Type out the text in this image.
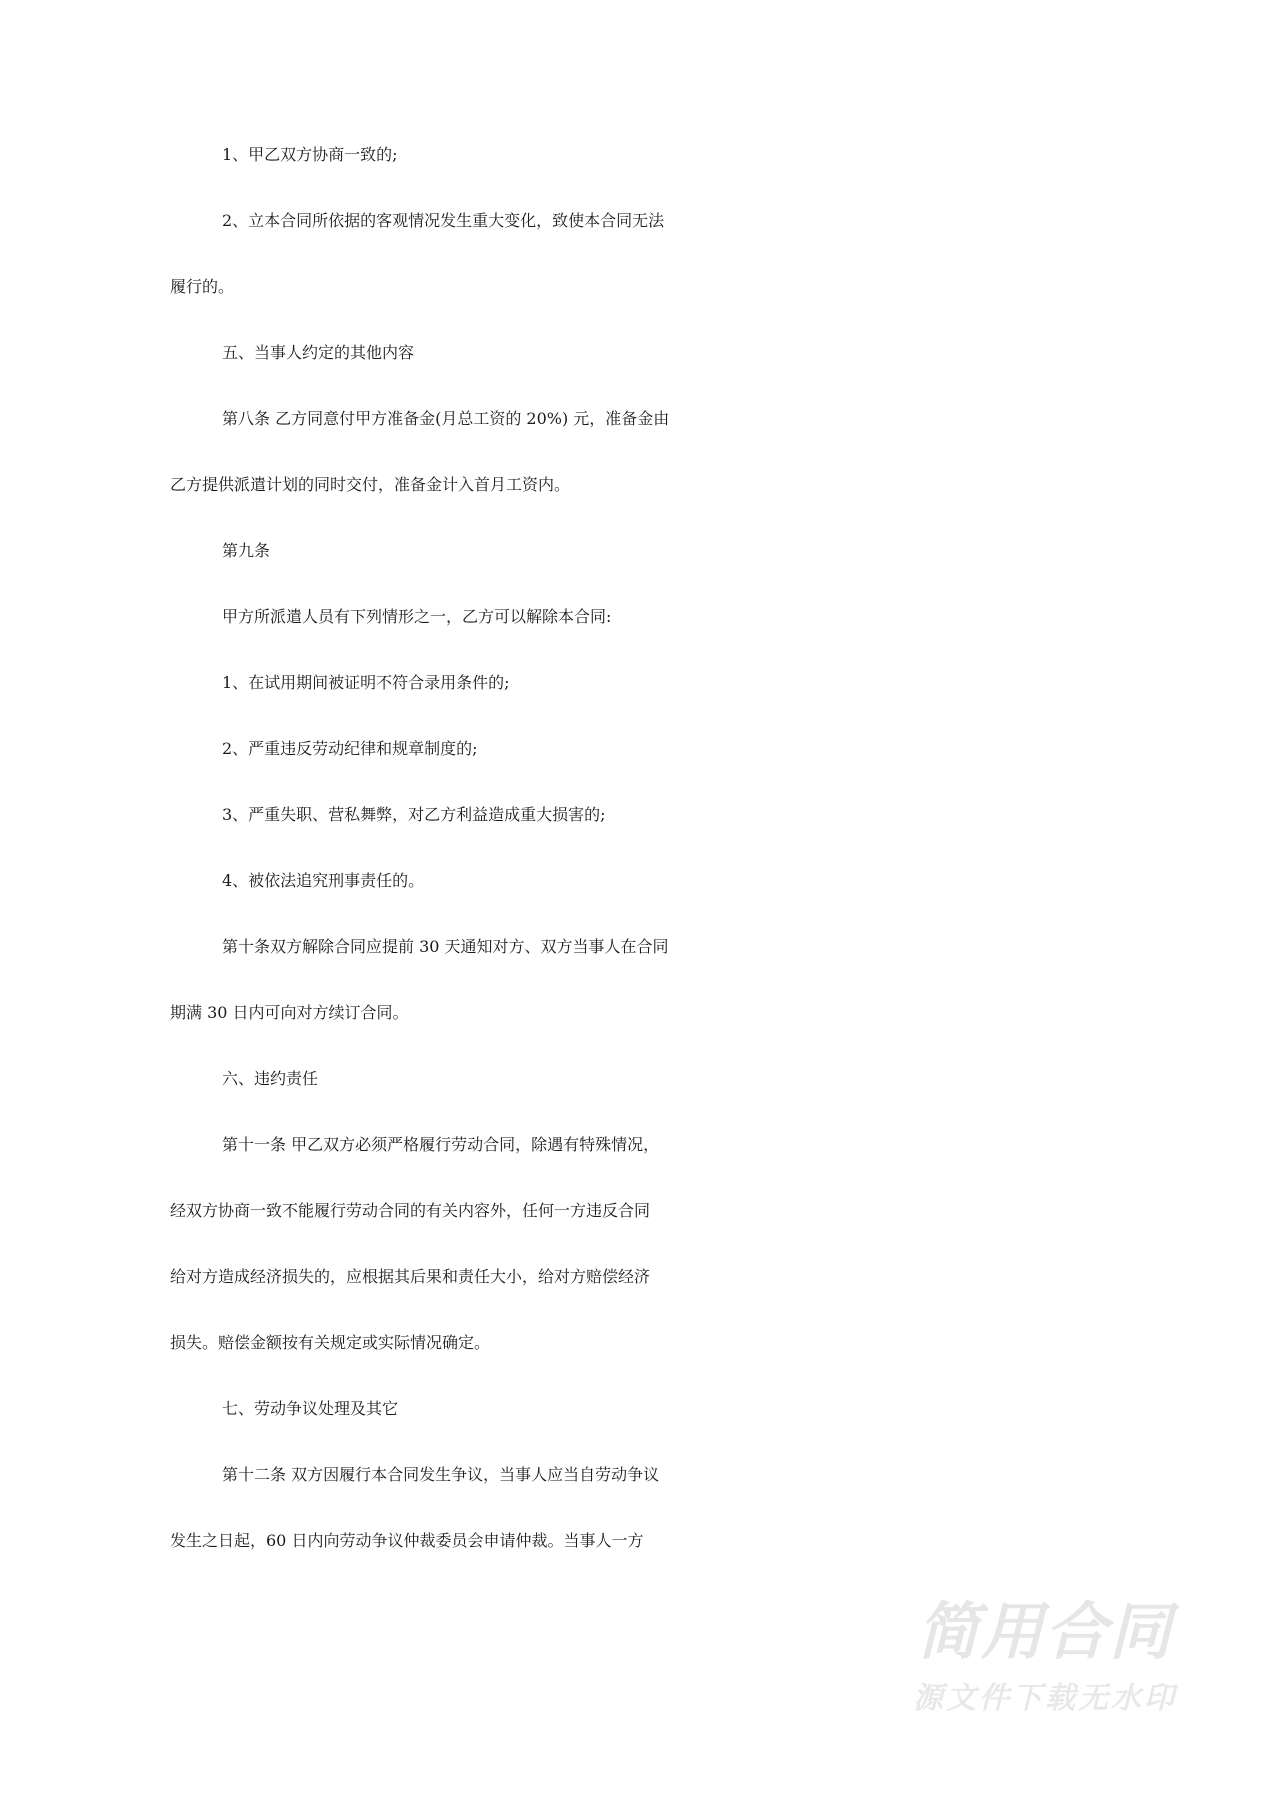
1、甲乙双方协商一致的;
2、立本合同所依据的客观情况发生重大变化，致使本合同无法
履行的。
五、当事人约定的其他内容
第八条 乙方同意付甲方准备金(月总工资的 20%) 元，准备金由
乙方提供派遣计划的同时交付，准备金计入首月工资内。
第九条
甲方所派遣人员有下列情形之一，乙方可以解除本合同:
1、在试用期间被证明不符合录用条件的;
2、严重违反劳动纪律和规章制度的;
3、严重失职、营私舞弊，对乙方利益造成重大损害的;
4、被依法追究刑事责任的。
第十条双方解除合同应提前 30 天通知对方、双方当事人在合同
期满 30 日内可向对方续订合同。
六、违约责任
第十一条 甲乙双方必须严格履行劳动合同，除遇有特殊情况，
经双方协商一致不能履行劳动合同的有关内容外，任何一方违反合同
给对方造成经济损失的，应根据其后果和责任大小，给对方赔偿经济
损失。赔偿金额按有关规定或实际情况确定。
七、劳动争议处理及其它
第十二条 双方因履行本合同发生争议，当事人应当自劳动争议
发生之日起，60 日内向劳动争议仲裁委员会申请仲裁。当事人一方
简用合同
源文件下载无水印
